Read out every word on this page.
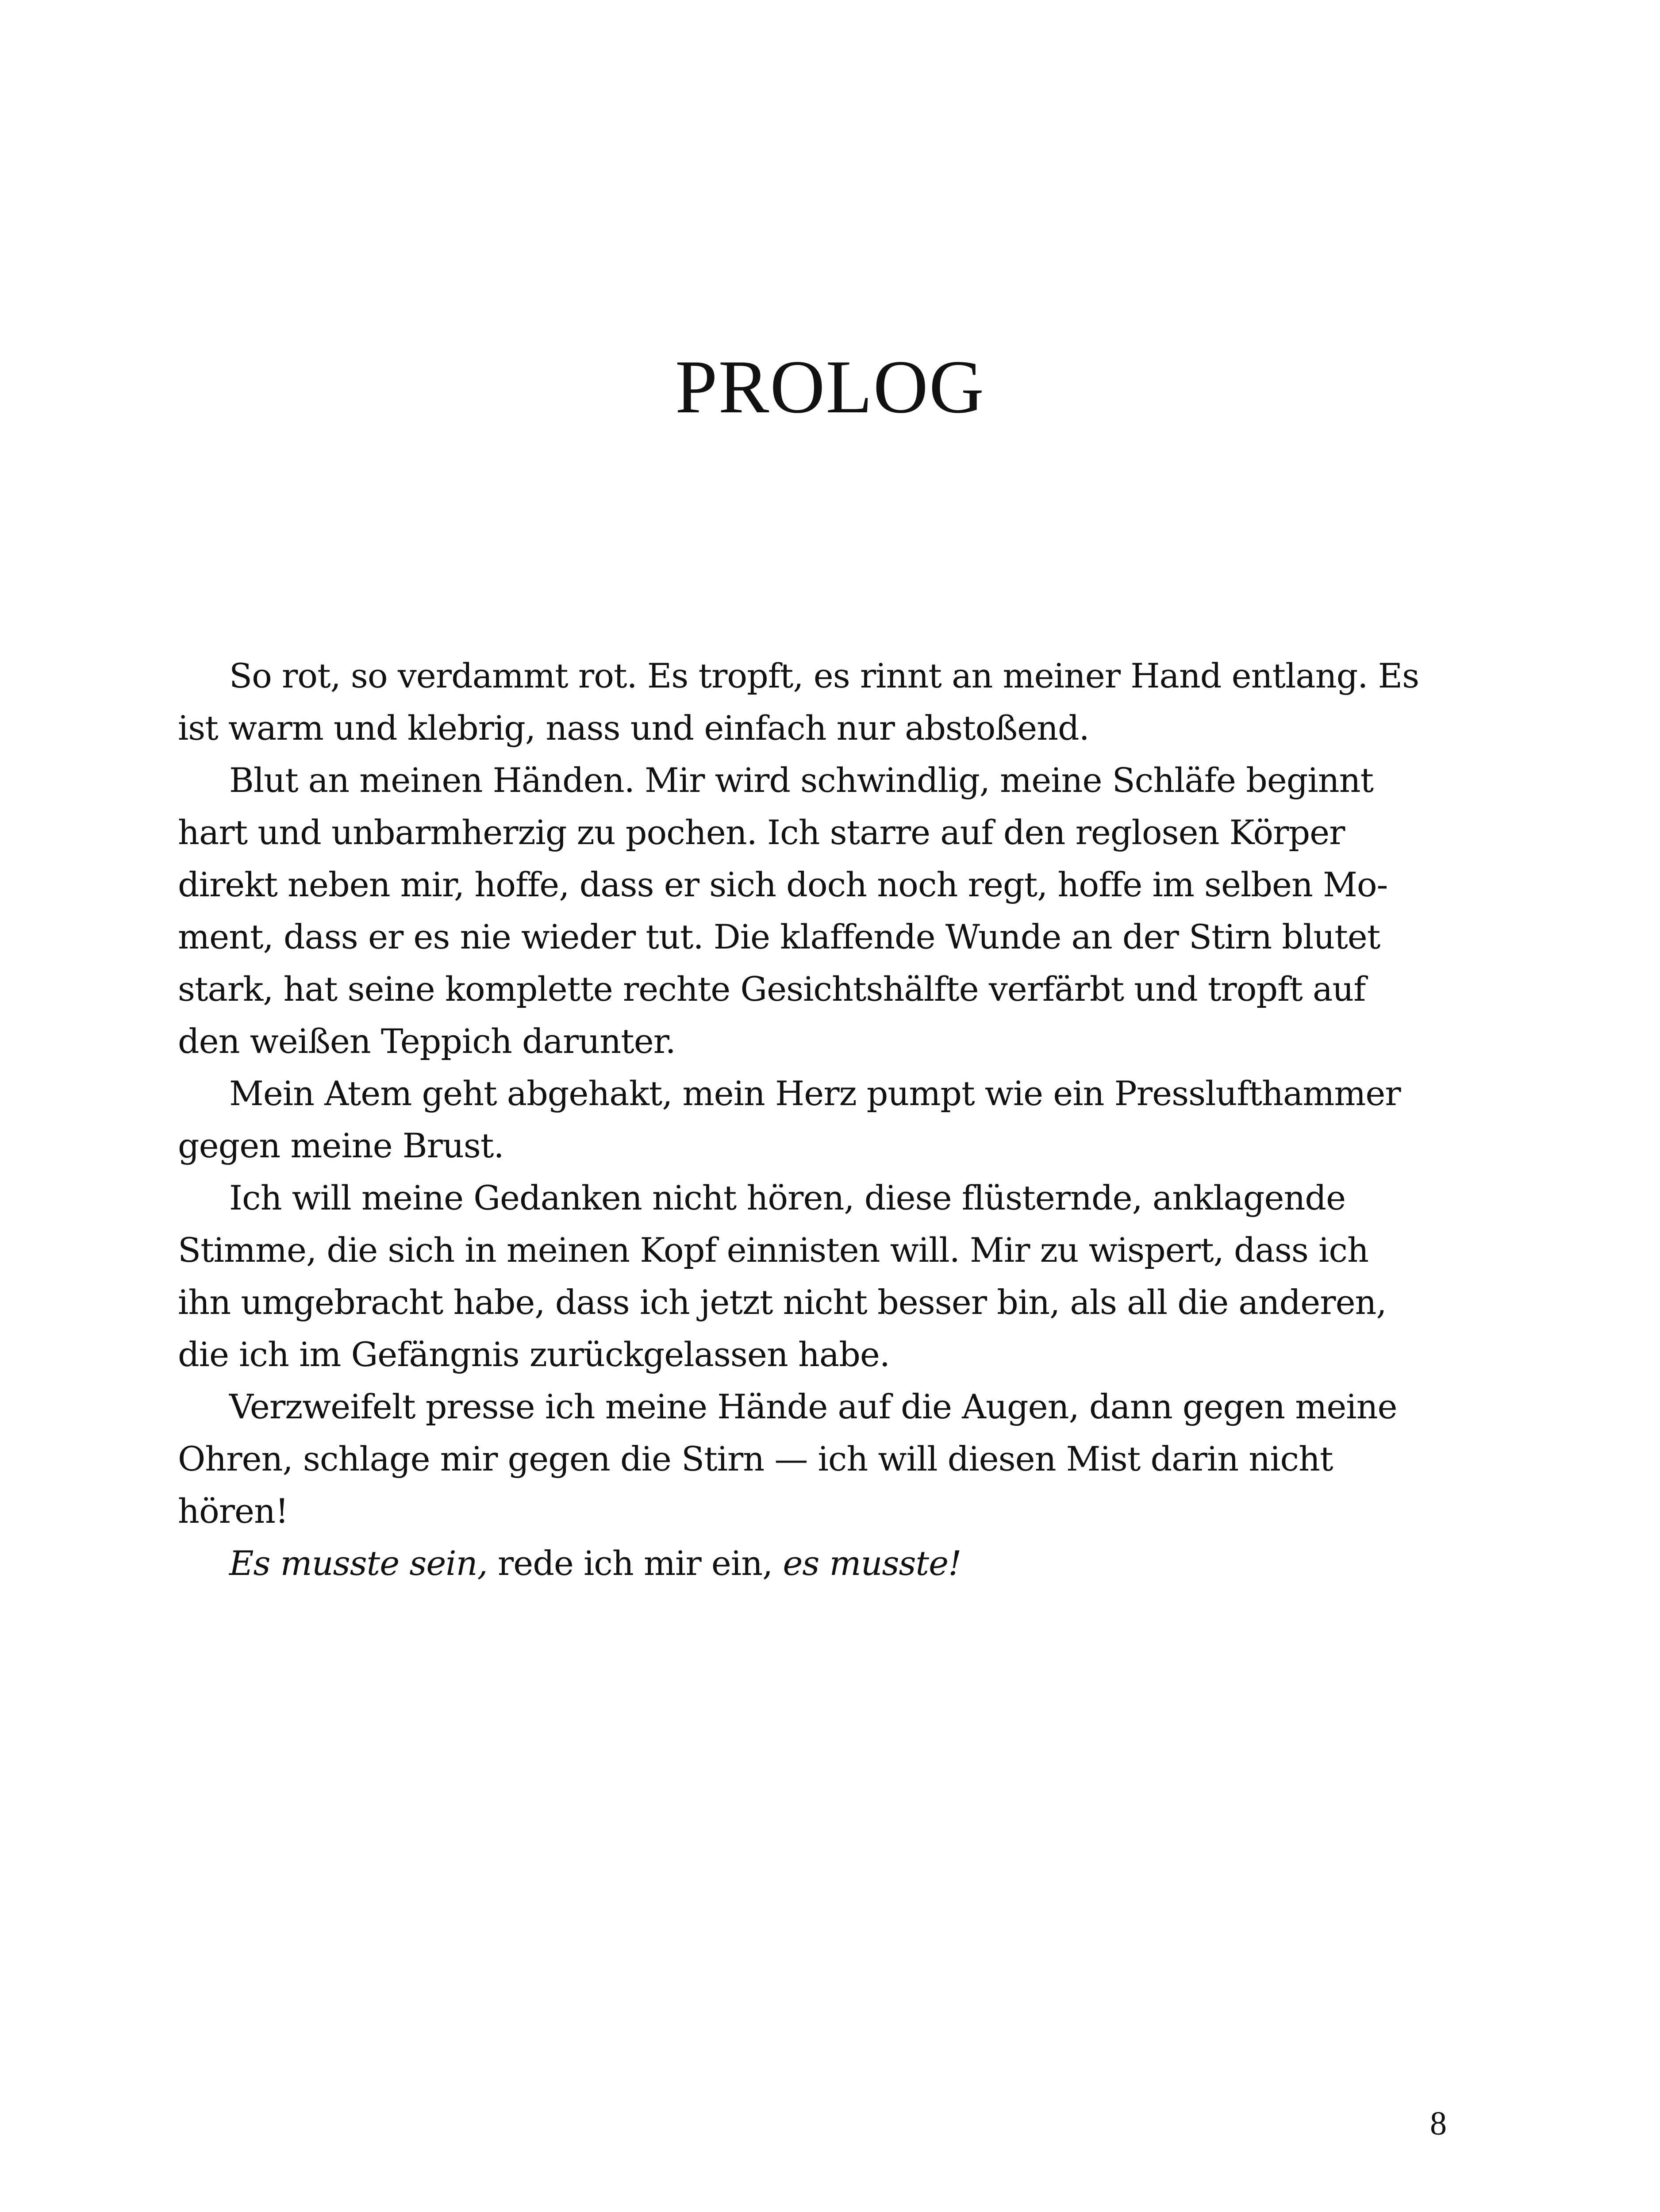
PROLOG
So rot, so verdammt rot. Es tropft, es rinnt an meiner Hand entlang. Es
ist warm und klebrig, nass und einfach nur abstoßend.
Blut an meinen Händen. Mir wird schwindlig, meine Schläfe beginnt
hart und unbarmherzig zu pochen. Ich starre auf den reglosen Körper
direkt neben mir, hoffe, dass er sich doch noch regt, hoffe im selben Mo-
ment, dass er es nie wieder tut. Die klaffende Wunde an der Stirn blutet
stark, hat seine komplette rechte Gesichtshälfte verfärbt und tropft auf
den weißen Teppich darunter.
Mein Atem geht abgehakt, mein Herz pumpt wie ein Presslufthammer
gegen meine Brust.
Ich will meine Gedanken nicht hören, diese flüsternde, anklagende
Stimme, die sich in meinen Kopf einnisten will. Mir zu wispert, dass ich
ihn umgebracht habe, dass ich jetzt nicht besser bin, als all die anderen,
die ich im Gefängnis zurückgelassen habe.
Verzweifelt presse ich meine Hände auf die Augen, dann gegen meine
Ohren, schlage mir gegen die Stirn — ich will diesen Mist darin nicht
hören!
Es musste sein, rede ich mir ein, es musste!
8
